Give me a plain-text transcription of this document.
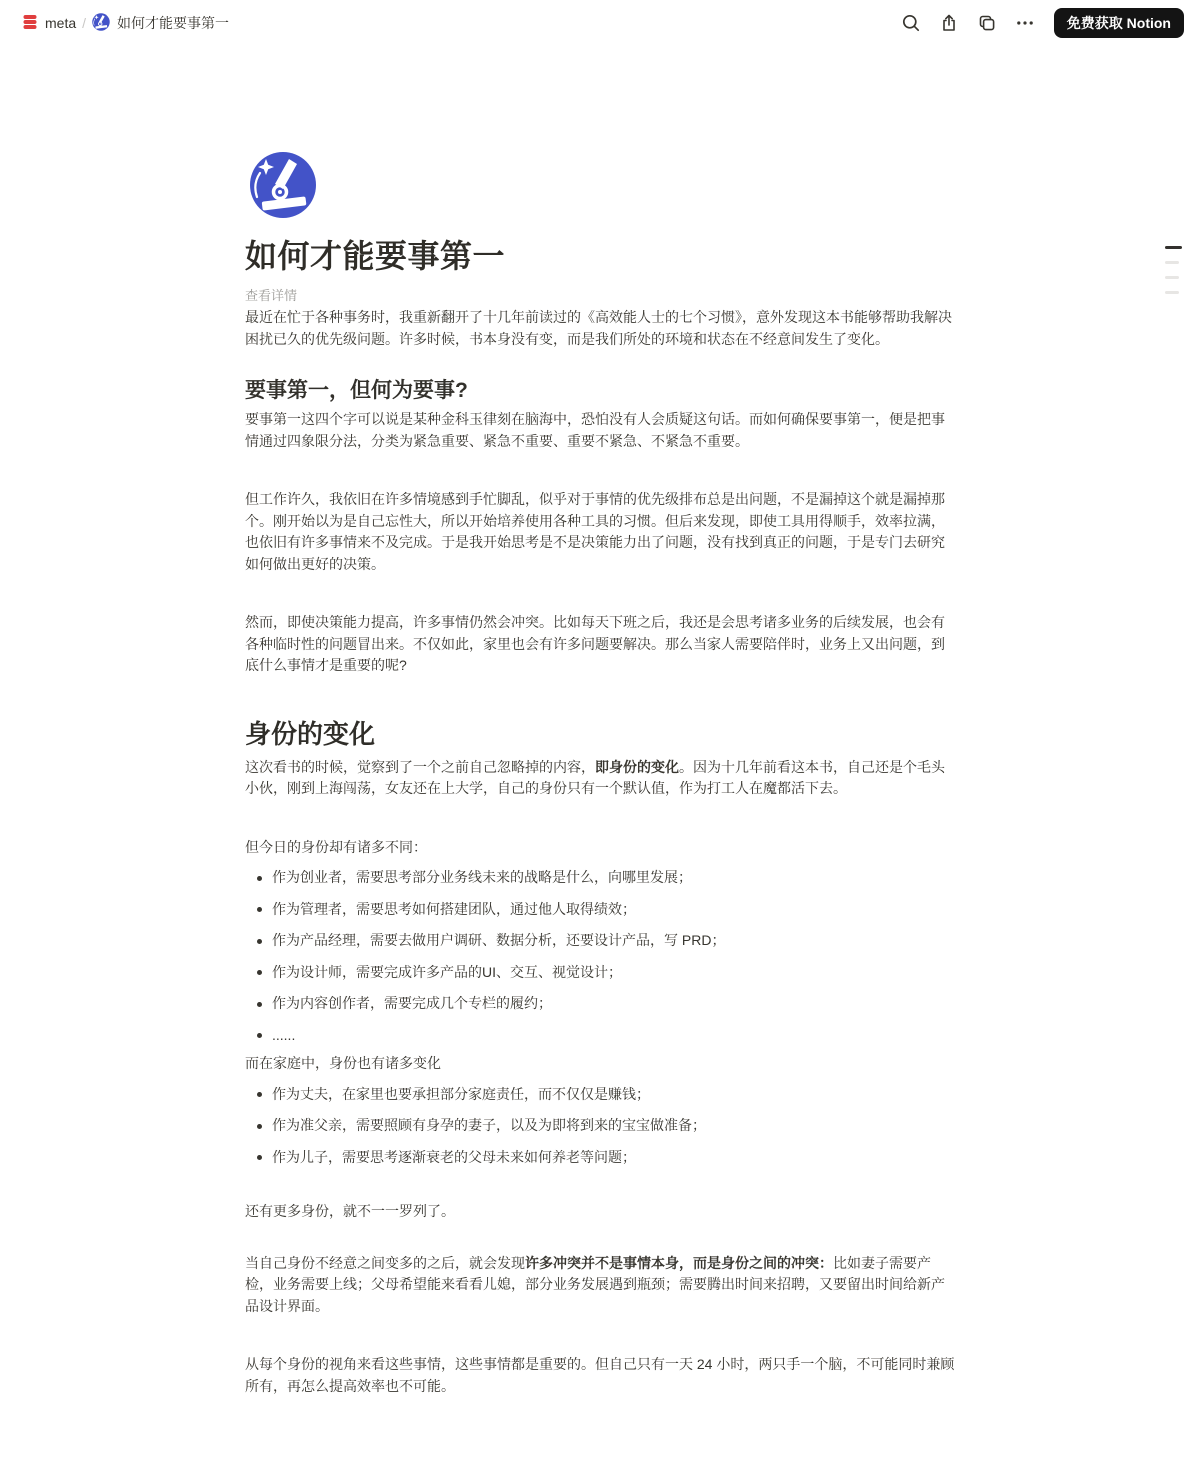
meta / 如何才能要事第一	免费获取 Notion
如何才能要事第一
查看详情

最近在忙于各种事务时，我重新翻开了十几年前读过的《高效能人士的七个习惯》，意外发现这本书能够帮助我解决困扰已久的优先级问题。许多时候，书本身没有变，而是我们所处的环境和状态在不经意间发生了变化。

要事第一，但何为要事?

要事第一这四个字可以说是某种金科玉律刻在脑海中，恐怕没有人会质疑这句话。而如何确保要事第一，便是把事情通过四象限分法，分类为紧急重要、紧急不重要、重要不紧急、不紧急不重要。

但工作许久，我依旧在许多情境感到手忙脚乱，似乎对于事情的优先级排布总是出问题，不是漏掉这个就是漏掉那个。刚开始以为是自己忘性大，所以开始培养使用各种工具的习惯。但后来发现，即使工具用得顺手，效率拉满，也依旧有许多事情来不及完成。于是我开始思考是不是决策能力出了问题，没有找到真正的问题，于是专门去研究如何做出更好的决策。

然而，即使决策能力提高，许多事情仍然会冲突。比如每天下班之后，我还是会思考诸多业务的后续发展，也会有各种临时性的问题冒出来。不仅如此，家里也会有许多问题要解决。那么当家人需要陪伴时，业务上又出问题，到底什么事情才是重要的呢?

身份的变化

这次看书的时候，觉察到了一个之前自己忽略掉的内容，即身份的变化。因为十几年前看这本书，自己还是个毛头小伙，刚到上海闯荡，女友还在上大学，自己的身份只有一个默认值，作为打工人在魔都活下去。

但今日的身份却有诸多不同：

作为创业者，需要思考部分业务线未来的战略是什么，向哪里发展；
作为管理者，需要思考如何搭建团队，通过他人取得绩效；
作为产品经理，需要去做用户调研、数据分析，还要设计产品，写 PRD；
作为设计师，需要完成许多产品的UI、交互、视觉设计；
作为内容创作者，需要完成几个专栏的履约；
......

而在家庭中，身份也有诸多变化

作为丈夫，在家里也要承担部分家庭责任，而不仅仅是赚钱；
作为准父亲，需要照顾有身孕的妻子，以及为即将到来的宝宝做准备；
作为儿子，需要思考逐渐衰老的父母未来如何养老等问题；

还有更多身份，就不一一罗列了。

当自己身份不经意之间变多的之后，就会发现许多冲突并不是事情本身，而是身份之间的冲突：比如妻子需要产检，业务需要上线；父母希望能来看看儿媳，部分业务发展遇到瓶颈；需要腾出时间来招聘，又要留出时间给新产品设计界面。

从每个身份的视角来看这些事情，这些事情都是重要的。但自己只有一天 24 小时，两只手一个脑，不可能同时兼顾所有，再怎么提高效率也不可能。
